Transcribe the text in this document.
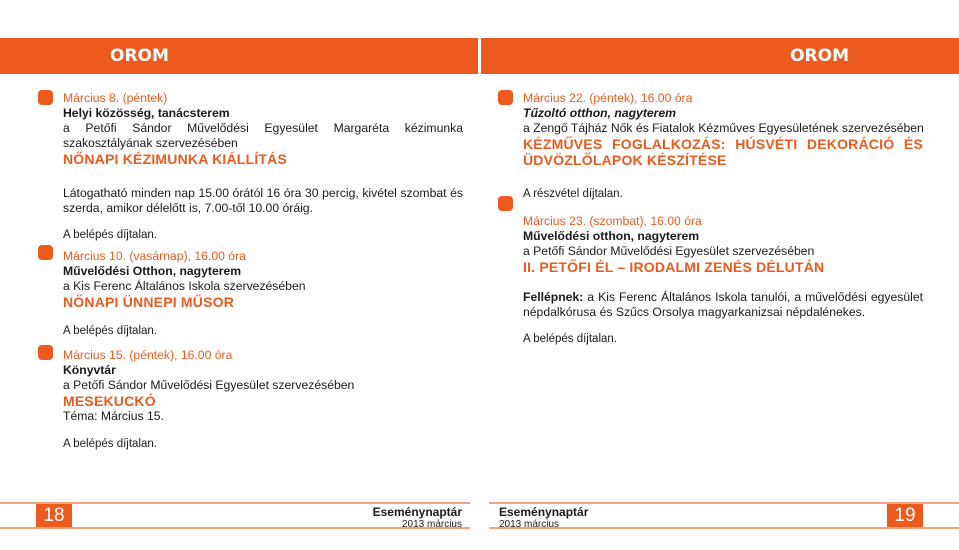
OROM	OROM
Március 8. (péntek)
Helyi közösség, tanácsterem
a Petőfi Sándor Művelődési Egyesület Margaréta kézimunka
szakosztályának szervezésében
NŐNAPI KÉZIMUNKA KIÁLLÍTÁS
Látogatható minden nap 15.00 órától 16 óra 30 percig, kivétel szombat és
szerda, amikor délelőtt is, 7.00-től 10.00 óráig.
A belépés díjtalan.
Március 10. (vasárnap), 16.00 óra
Művelődési Otthon, nagyterem
a Kis Ferenc Általános Iskola szervezésében
NŐNAPI ÜNNEPI MŰSOR
A belépés díjtalan.
Március 15. (péntek), 16.00 óra
Könyvtár
a Petőfi Sándor Művelődési Egyesület szervezésében
MESEKUCKÓ
Téma: Március 15.
A belépés díjtalan.
Március 22. (péntek), 16.00 óra
Tűzoltó otthon, nagyterem
a Zengő Tájház Nők és Fiatalok Kézműves Egyesületének szervezésében
KÉZMŰVES FOGLALKOZÁS: HÚSVÉTI DEKORÁCIÓ ÉS
ÜDVÖZLŐLAPOK KÉSZÍTÉSE
A részvétel díjtalan.
Március 23. (szombat), 16.00 óra
Művelődési otthon, nagyterem
a Petőfi Sándor Művelődési Egyesület szervezésében
II. PETŐFI ÉL – IRODALMI ZENÉS DÉLUTÁN
Fellépnek: a Kis Ferenc Általános Iskola tanulói, a művelődési egyesület
népdalkórusa és Szűcs Orsolya magyarkanizsai népdalénekes.
A belépés díjtalan.
18	Eseménynaptár
2013 március
Eseménynaptár
2013 március	19
